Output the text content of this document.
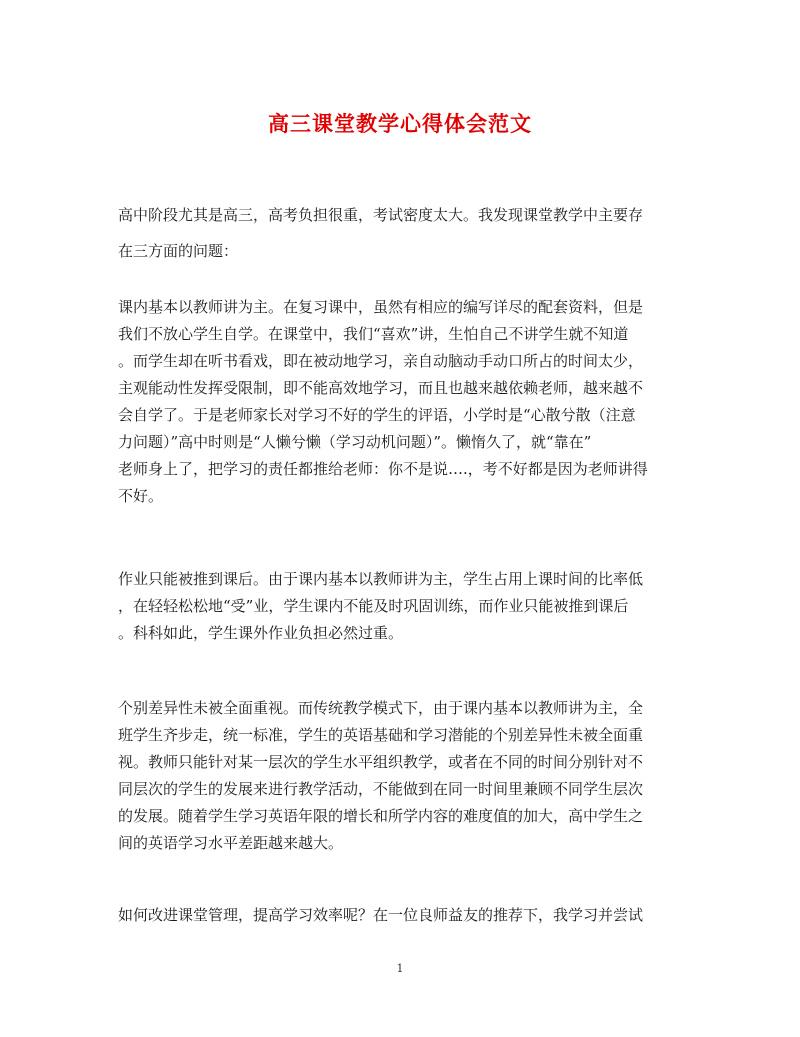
高三课堂教学心得体会范文
高中阶段尤其是高三，高考负担很重，考试密度太大。我发现课堂教学中主要存
在三方面的问题：
课内基本以教师讲为主。在复习课中，虽然有相应的编写详尽的配套资料，但是
我们不放心学生自学。在课堂中，我们“喜欢”讲，生怕自己不讲学生就不知道
。而学生却在听书看戏，即在被动地学习，亲自动脑动手动口所占的时间太少，
主观能动性发挥受限制，即不能高效地学习，而且也越来越依赖老师，越来越不
会自学了。于是老师家长对学习不好的学生的评语，小学时是“心散兮散（注意
力问题）”高中时则是“人懒兮懒（学习动机问题）”。懒惰久了，就“靠在”
老师身上了，把学习的责任都推给老师：你不是说….，考不好都是因为老师讲得
不好。
作业只能被推到课后。由于课内基本以教师讲为主，学生占用上课时间的比率低
，在轻轻松松地“受”业，学生课内不能及时巩固训练，而作业只能被推到课后
。科科如此，学生课外作业负担必然过重。
个别差异性未被全面重视。而传统教学模式下，由于课内基本以教师讲为主，全
班学生齐步走，统一标准，学生的英语基础和学习潜能的个别差异性未被全面重
视。教师只能针对某一层次的学生水平组织教学，或者在不同的时间分别针对不
同层次的学生的发展来进行教学活动，不能做到在同一时间里兼顾不同学生层次
的发展。随着学生学习英语年限的增长和所学内容的难度值的加大，高中学生之
间的英语学习水平差距越来越大。
如何改进课堂管理，提高学习效率呢？在一位良师益友的推荐下，我学习并尝试
1
